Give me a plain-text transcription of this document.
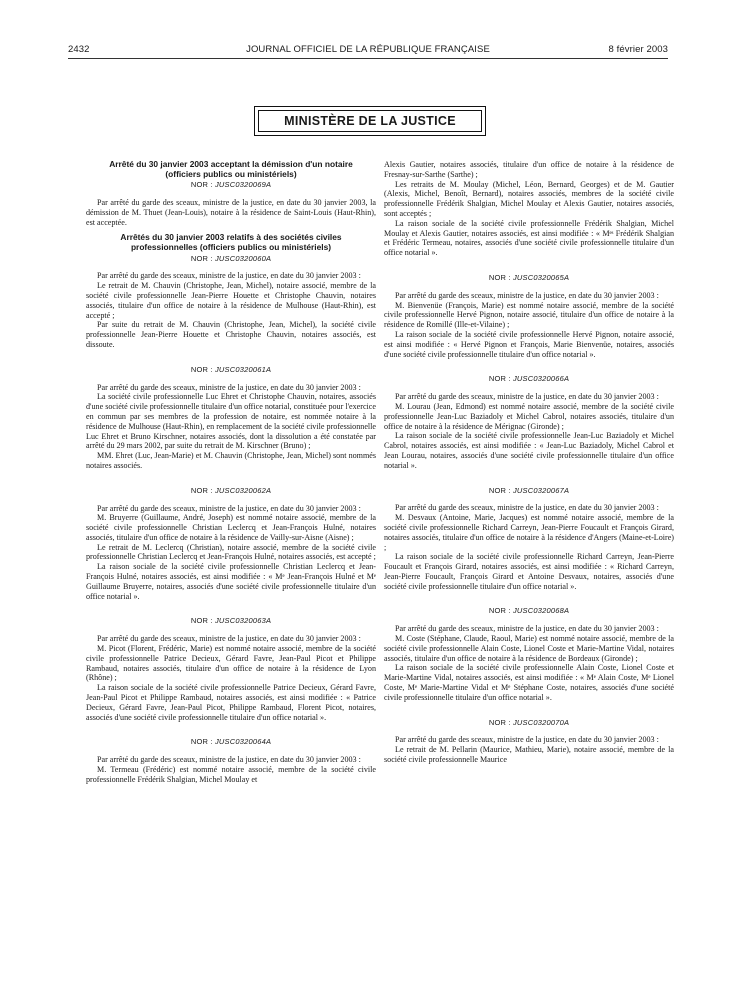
2432	JOURNAL OFFICIEL DE LA RÉPUBLIQUE FRANÇAISE	8 février 2003
MINISTÈRE DE LA JUSTICE
Arrêté du 30 janvier 2003 acceptant la démission d'un notaire (officiers publics ou ministériels)
NOR : JUSC0320069A

Par arrêté du garde des sceaux, ministre de la justice, en date du 30 janvier 2003, la démission de M. Thuet (Jean-Louis), notaire à la résidence de Saint-Louis (Haut-Rhin), est acceptée.

Arrêtés du 30 janvier 2003 relatifs à des sociétés civiles professionnelles (officiers publics ou ministériels)
NOR : JUSC0320060A

Par arrêté du garde des sceaux, ministre de la justice, en date du 30 janvier 2003 :

Le retrait de M. Chauvin (Christophe, Jean, Michel), notaire associé, membre de la société civile professionnelle Jean-Pierre Houette et Christophe Chauvin, notaires associés, titulaire d'un office de notaire à la résidence de Mulhouse (Haut-Rhin), est accepté ;

Par suite du retrait de M. Chauvin (Christophe, Jean, Michel), la société civile professionnelle Jean-Pierre Houette et Christophe Chauvin, notaires associés, est dissoute.

NOR : JUSC0320061A

Par arrêté du garde des sceaux, ministre de la justice, en date du 30 janvier 2003 :

La société civile professionnelle Luc Ehret et Christophe Chauvin, notaires, associés d'une société civile professionnelle titulaire d'un office notarial, constituée pour l'exercice en commun par ses membres de la profession de notaire, est nommée notaire à la résidence de Mulhouse (Haut-Rhin), en remplacement de la société civile professionnelle Luc Ehret et Bruno Kirschner, notaires associés, dont la dissolution a été constatée par arrêté du 29 mars 2002, par suite du retrait de M. Kirschner (Bruno) ;

MM. Ehret (Luc, Jean-Marie) et M. Chauvin (Christophe, Jean, Michel) sont nommés notaires associés.

NOR : JUSC0320062A

Par arrêté du garde des sceaux, ministre de la justice, en date du 30 janvier 2003 :

M. Bruyerre (Guillaume, André, Joseph) est nommé notaire associé, membre de la société civile professionnelle Christian Leclercq et Jean-François Hulné, notaires associés, titulaire d'un office de notaire à la résidence de Vailly-sur-Aisne (Aisne) ;

Le retrait de M. Leclercq (Christian), notaire associé, membre de la société civile professionnelle Christian Leclercq et Jean-François Hulné, notaires associés, est accepté ;

La raison sociale de la société civile professionnelle Christian Leclercq et Jean-François Hulné, notaires associés, est ainsi modifiée : « Mᵉ Jean-François Hulné et Mᵉ Guillaume Bruyerre, notaires, associés d'une société civile professionnelle titulaire d'un office notarial ».

NOR : JUSC0320063A

Par arrêté du garde des sceaux, ministre de la justice, en date du 30 janvier 2003 :

M. Picot (Florent, Frédéric, Marie) est nommé notaire associé, membre de la société civile professionnelle Patrice Decieux, Gérard Favre, Jean-Paul Picot et Philippe Rambaud, notaires associés, titulaire d'un office de notaire à la résidence de Lyon (Rhône) ;

La raison sociale de la société civile professionnelle Patrice Decieux, Gérard Favre, Jean-Paul Picot et Philippe Rambaud, notaires associés, est ainsi modifiée : « Patrice Decieux, Gérard Favre, Jean-Paul Picot, Philippe Rambaud, Florent Picot, notaires, associés d'une société civile professionnelle titulaire d'un office notarial ».

NOR : JUSC0320064A

Par arrêté du garde des sceaux, ministre de la justice, en date du 30 janvier 2003 :

M. Termeau (Frédéric) est nommé notaire associé, membre de la société civile professionnelle Frédérik Shalgian, Michel Moulay et

Alexis Gautier, notaires associés, titulaire d'un office de notaire à la résidence de Fresnay-sur-Sarthe (Sarthe) ;

Les retraits de M. Moulay (Michel, Léon, Bernard, Georges) et de M. Gautier (Alexis, Michel, Benoît, Bernard), notaires associés, membres de la société civile professionnelle Frédérik Shalgian, Michel Moulay et Alexis Gautier, notaires associés, sont acceptés ;

La raison sociale de la société civile professionnelle Frédérik Shalgian, Michel Moulay et Alexis Gautier, notaires associés, est ainsi modifiée : « Mᵉˢ Frédérik Shalgian et Frédéric Termeau, notaires, associés d'une société civile professionnelle titulaire d'un office notarial ».

NOR : JUSC0320065A

Par arrêté du garde des sceaux, ministre de la justice, en date du 30 janvier 2003 :

M. Bienvenüe (François, Marie) est nommé notaire associé, membre de la société civile professionnelle Hervé Pignon, notaire associé, titulaire d'un office de notaire à la résidence de Romillé (Ille-et-Vilaine) ;

La raison sociale de la société civile professionnelle Hervé Pignon, notaire associé, est ainsi modifiée : « Hervé Pignon et François, Marie Bienvenüe, notaires, associés d'une société civile professionnelle titulaire d'un office notarial ».

NOR : JUSC0320066A

Par arrêté du garde des sceaux, ministre de la justice, en date du 30 janvier 2003 :

M. Lourau (Jean, Edmond) est nommé notaire associé, membre de la société civile professionnelle Jean-Luc Baziadoly et Michel Cabrol, notaires associés, titulaire d'un office de notaire à la résidence de Mérignac (Gironde) ;

La raison sociale de la société civile professionnelle Jean-Luc Baziadoly et Michel Cabrol, notaires associés, est ainsi modifiée : « Jean-Luc Baziadoly, Michel Cabrol et Jean Lourau, notaires, associés d'une société civile professionnelle titulaire d'un office notarial ».

NOR : JUSC0320067A

Par arrêté du garde des sceaux, ministre de la justice, en date du 30 janvier 2003 :

M. Desvaux (Antoine, Marie, Jacques) est nommé notaire associé, membre de la société civile professionnelle Richard Carreyn, Jean-Pierre Foucault et François Girard, notaires associés, titulaire d'un office de notaire à la résidence d'Angers (Maine-et-Loire) ;

La raison sociale de la société civile professionnelle Richard Carreyn, Jean-Pierre Foucault et François Girard, notaires associés, est ainsi modifiée : « Richard Carreyn, Jean-Pierre Foucault, François Girard et Antoine Desvaux, notaires, associés d'une société civile professionnelle titulaire d'un office notarial ».

NOR : JUSC0320068A

Par arrêté du garde des sceaux, ministre de la justice, en date du 30 janvier 2003 :

M. Coste (Stéphane, Claude, Raoul, Marie) est nommé notaire associé, membre de la société civile professionnelle Alain Coste, Lionel Coste et Marie-Martine Vidal, notaires associés, titulaire d'un office de notaire à la résidence de Bordeaux (Gironde) ;

La raison sociale de la société civile professionnelle Alain Coste, Lionel Coste et Marie-Martine Vidal, notaires associés, est ainsi modifiée : « Mᵉ Alain Coste, Mᵉ Lionel Coste, Mᵉ Marie-Martine Vidal et Mᵉ Stéphane Coste, notaires, associés d'une société civile professionnelle titulaire d'un office notarial ».

NOR : JUSC0320070A

Par arrêté du garde des sceaux, ministre de la justice, en date du 30 janvier 2003 :

Le retrait de M. Pellarin (Maurice, Mathieu, Marie), notaire associé, membre de la société civile professionnelle Maurice
